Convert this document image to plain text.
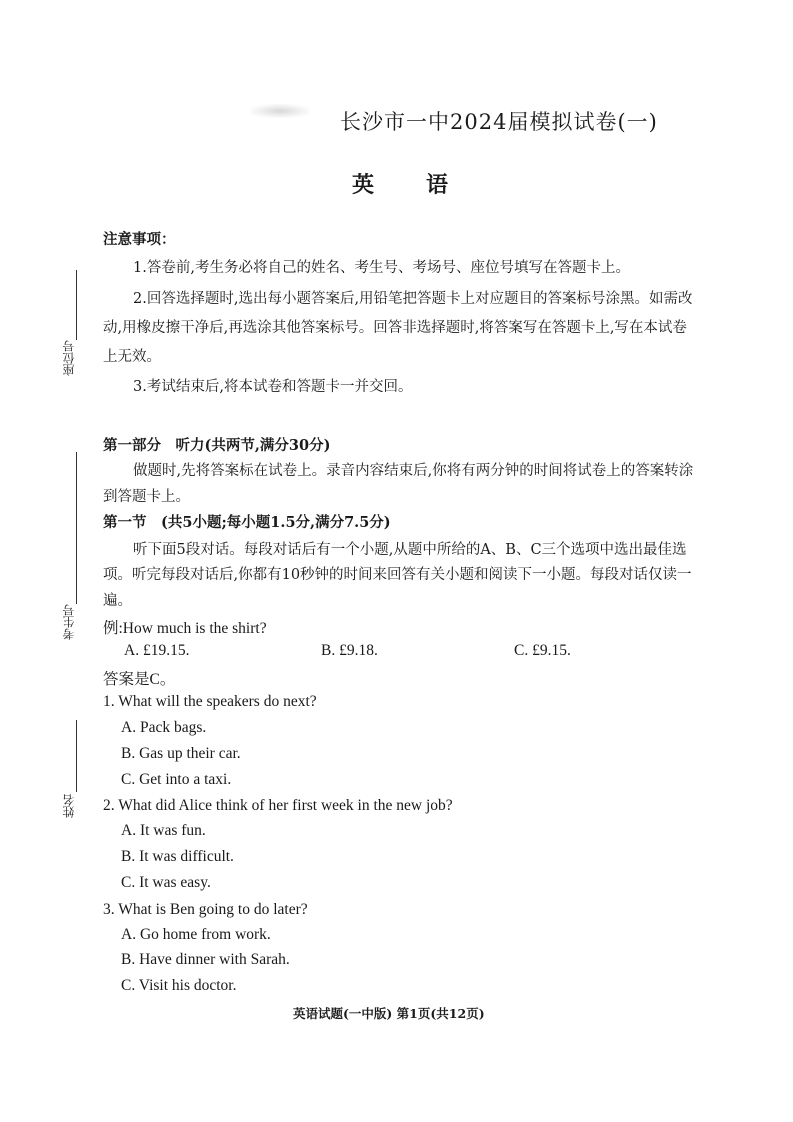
座位号
考生号
姓名
长沙市一中2024届模拟试卷(一)
英语
注意事项：
1.答卷前,考生务必将自己的姓名、考生号、考场号、座位号填写在答题卡上。
2.回答选择题时,选出每小题答案后,用铅笔把答题卡上对应题目的答案标号涂黑。如需改
动,用橡皮擦干净后,再选涂其他答案标号。回答非选择题时,将答案写在答题卡上,写在本试卷
上无效。
3.考试结束后,将本试卷和答题卡一并交回。
第一部分　听力(共两节,满分30分)
做题时,先将答案标在试卷上。录音内容结束后,你将有两分钟的时间将试卷上的答案转涂
到答题卡上。
第一节　(共5小题;每小题1.5分,满分7.5分)
听下面5段对话。每段对话后有一个小题,从题中所给的A、B、C三个选项中选出最佳选
项。听完每段对话后,你都有10秒钟的时间来回答有关小题和阅读下一小题。每段对话仅读一
遍。
例:How much is the shirt?
A. £19.15.	B. £9.18.	C. £9.15.
答案是C。
1. What will the speakers do next?
A. Pack bags.
B. Gas up their car.
C. Get into a taxi.
2. What did Alice think of her first week in the new job?
A. It was fun.
B. It was difficult.
C. It was easy.
3. What is Ben going to do later?
A. Go home from work.
B. Have dinner with Sarah.
C. Visit his doctor.
英语试题(一中版) 第1页(共12页)
